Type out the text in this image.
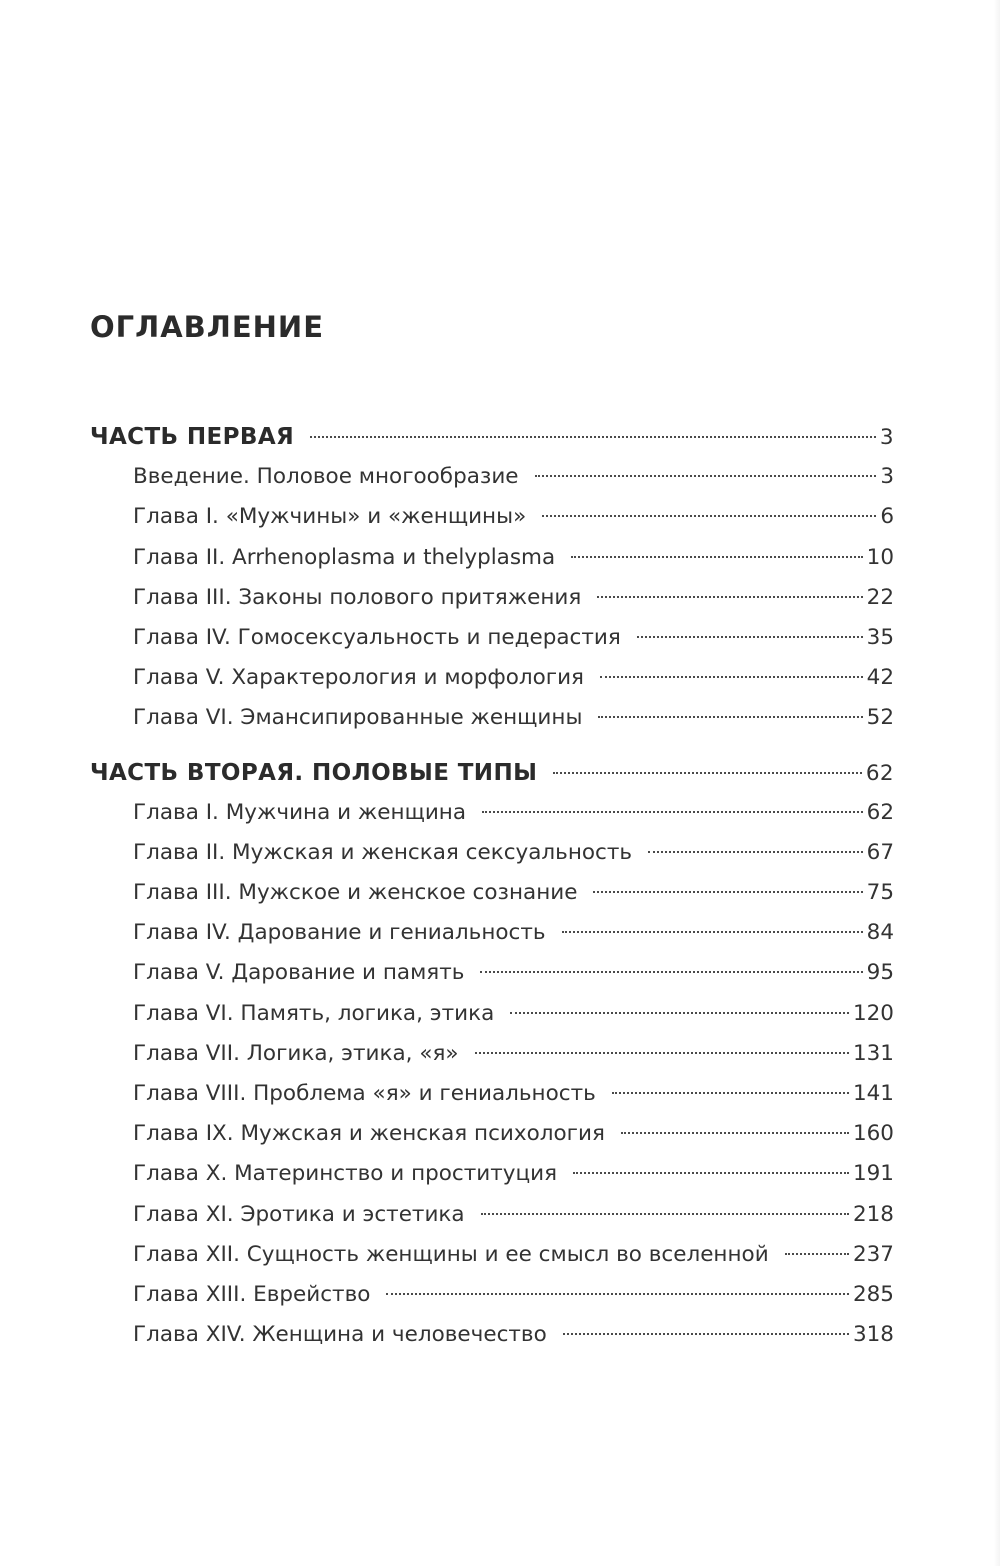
ОГЛАВЛЕНИЕ
ЧАСТЬ ПЕРВАЯ	3
Введение. Половое многообразие	3
Глава I. «Мужчины» и «женщины»	6
Глава II. Arrhenoplasma и thelyplasma	10
Глава III. Законы полового притяжения	22
Глава IV. Гомосексуальность и педерастия	35
Глава V. Характерология и морфология	42
Глава VI. Эмансипированные женщины	52
ЧАСТЬ ВТОРАЯ. ПОЛОВЫЕ ТИПЫ	62
Глава I. Мужчина и женщина	62
Глава II. Мужская и женская сексуальность	67
Глава III. Мужское и женское сознание	75
Глава IV. Дарование и гениальность	84
Глава V. Дарование и память	95
Глава VI. Память, логика, этика	120
Глава VII. Логика, этика, «я»	131
Глава VIII. Проблема «я» и гениальность	141
Глава IX. Мужская и женская психология	160
Глава X. Материнство и проституция	191
Глава XI. Эротика и эстетика	218
Глава XII. Сущность женщины и ее смысл во вселенной	237
Глава XIII. Еврейство	285
Глава XIV. Женщина и человечество	318
